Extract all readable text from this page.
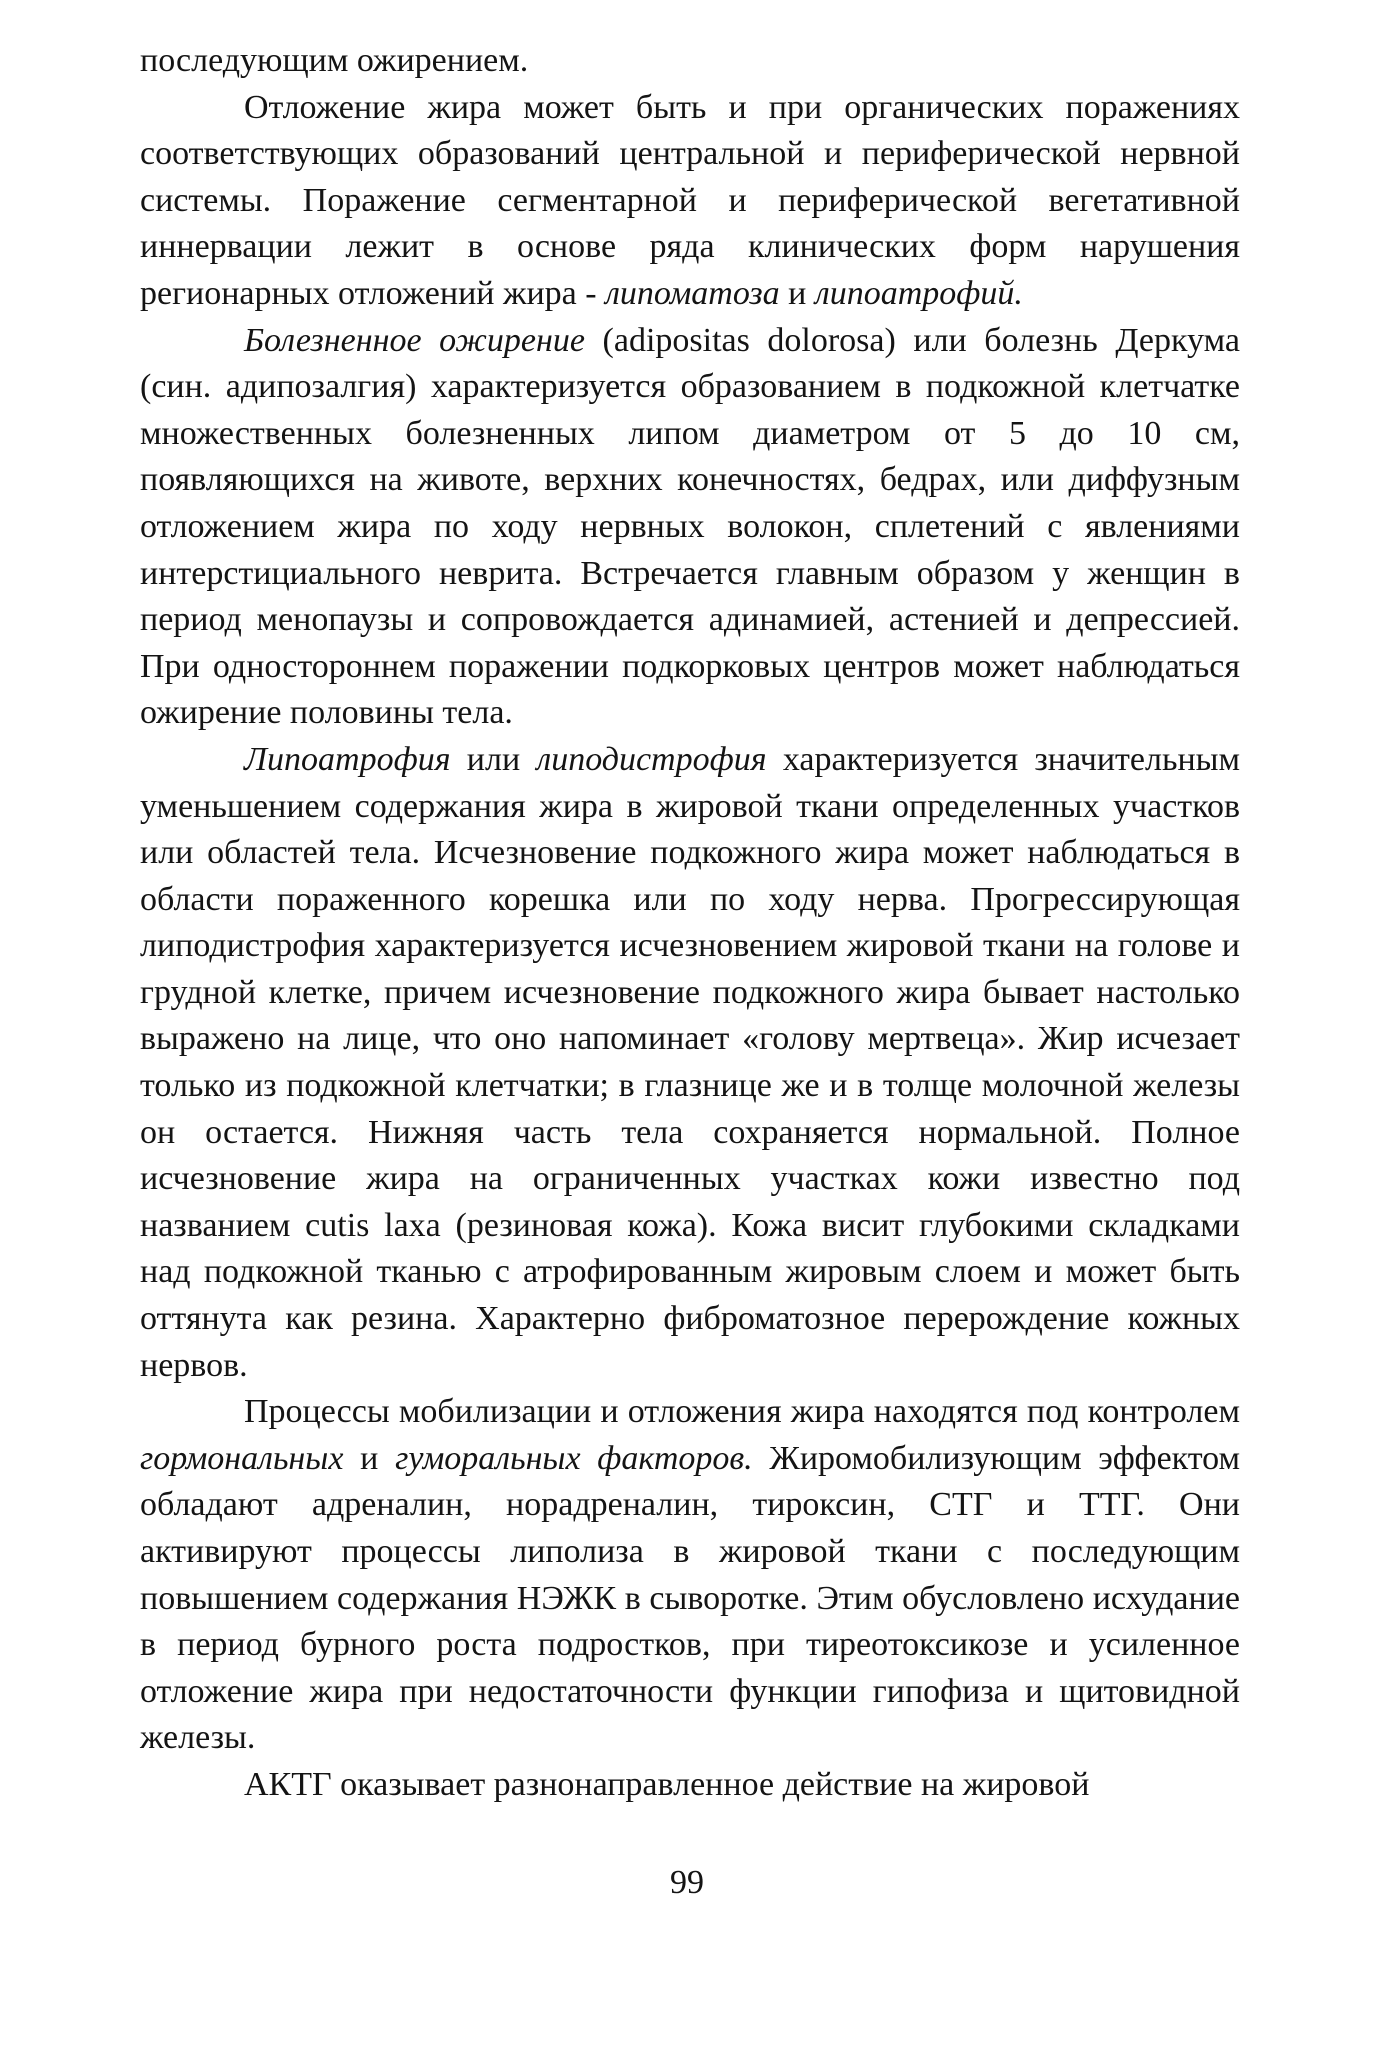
последующим ожирением.

Отложение жира может быть и при органических поражениях соответствующих образований центральной и периферической нервной системы. Поражение сегментарной и периферической вегетативной иннервации лежит в основе ряда клинических форм нарушения регионарных отложений жира - липоматоза и липоатрофий.

Болезненное ожирение (adipositas dolorosa) или болезнь Деркума (син. адипозалгия) характеризуется образованием в подкожной клетчатке множественных болезненных липом диаметром от 5 до 10 см, появляющихся на животе, верхних конечностях, бедрах, или диффузным отложением жира по ходу нервных волокон, сплетений с явлениями интерстициального неврита. Встречается главным образом у женщин в период менопаузы и сопровождается адинамией, астенией и депрессией. При одностороннем поражении подкорковых центров может наблюдаться ожирение половины тела.

Липоатрофия или липодистрофия характеризуется значительным уменьшением содержания жира в жировой ткани определенных участков или областей тела. Исчезновение подкожного жира может наблюдаться в области пораженного корешка или по ходу нерва. Прогрессирующая липодистрофия характеризуется исчезновением жировой ткани на голове и грудной клетке, причем исчезновение подкожного жира бывает настолько выражено на лице, что оно напоминает «голову мертвеца». Жир исчезает только из подкожной клетчатки; в глазнице же и в толще молочной железы он остается. Нижняя часть тела сохраняется нормальной. Полное исчезновение жира на ограниченных участках кожи известно под названием cutis laxa (резиновая кожа). Кожа висит глубокими складками над подкожной тканью с атрофированным жировым слоем и может быть оттянута как резина. Характерно фиброматозное перерождение кожных нервов.

Процессы мобилизации и отложения жира находятся под контролем гормональных и гуморальных факторов. Жиромобилизующим эффектом обладают адреналин, норадреналин, тироксин, СТГ и ТТГ. Они активируют процессы липолиза в жировой ткани с последующим повышением содержания НЭЖК в сыворотке. Этим обусловлено исхудание в период бурного роста подростков, при тиреотоксикозе и усиленное отложение жира при недостаточности функции гипофиза и щитовидной железы.

АКТГ оказывает разнонаправленное действие на жировой

99
